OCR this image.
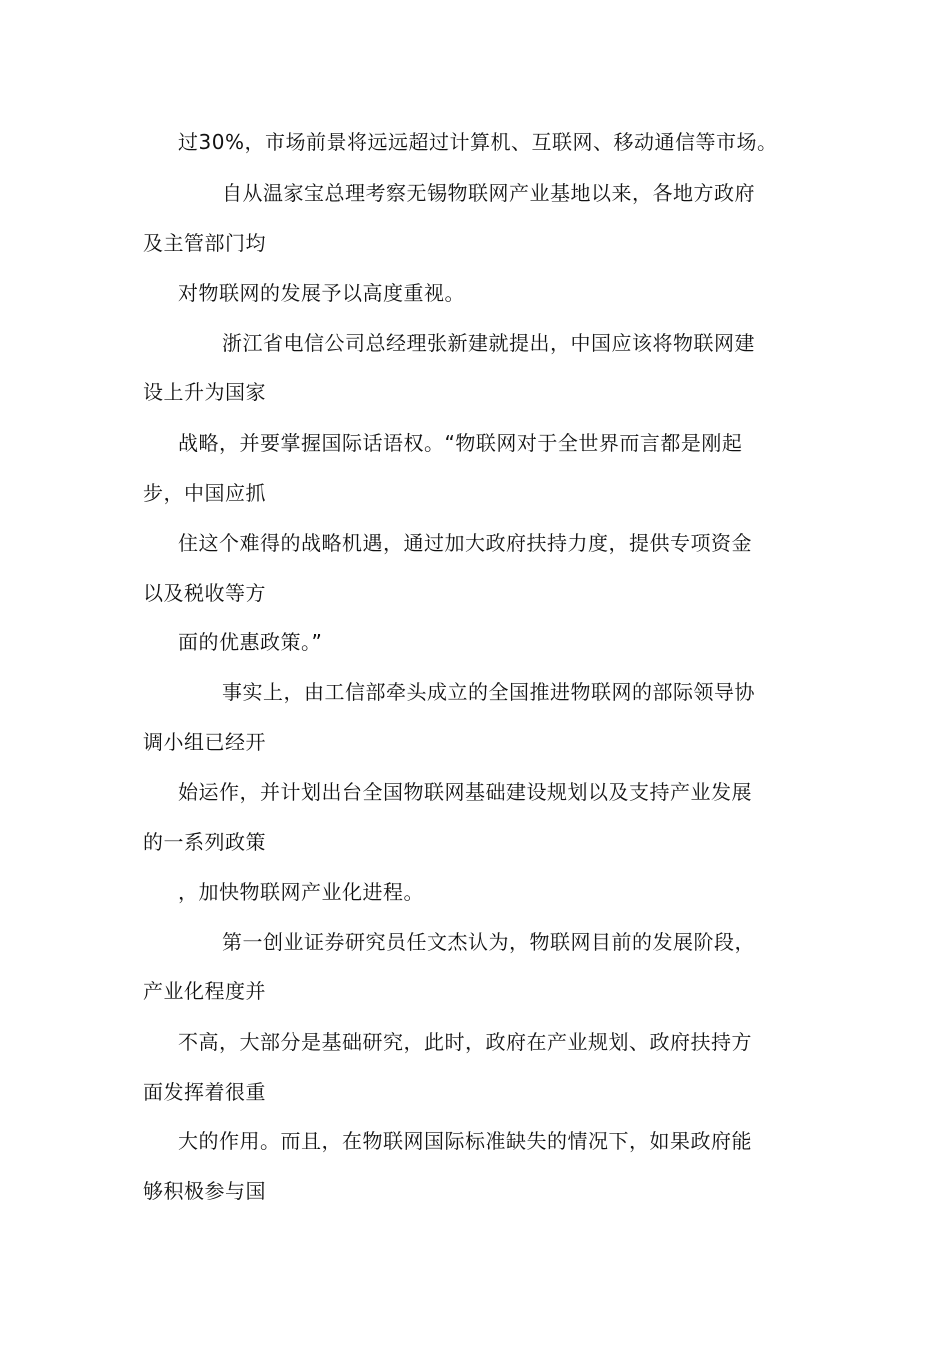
过30%，市场前景将远远超过计算机、互联网、移动通信等市场。
自从温家宝总理考察无锡物联网产业基地以来，各地方政府
及主管部门均
对物联网的发展予以高度重视。
浙江省电信公司总经理张新建就提出，中国应该将物联网建
设上升为国家
战略，并要掌握国际话语权。“物联网对于全世界而言都是刚起
步，中国应抓
住这个难得的战略机遇，通过加大政府扶持力度，提供专项资金
以及税收等方
面的优惠政策。”
事实上，由工信部牵头成立的全国推进物联网的部际领导协
调小组已经开
始运作，并计划出台全国物联网基础建设规划以及支持产业发展
的一系列政策
，加快物联网产业化进程。
第一创业证券研究员任文杰认为，物联网目前的发展阶段，
产业化程度并
不高，大部分是基础研究，此时，政府在产业规划、政府扶持方
面发挥着很重
大的作用。而且，在物联网国际标准缺失的情况下，如果政府能
够积极参与国
